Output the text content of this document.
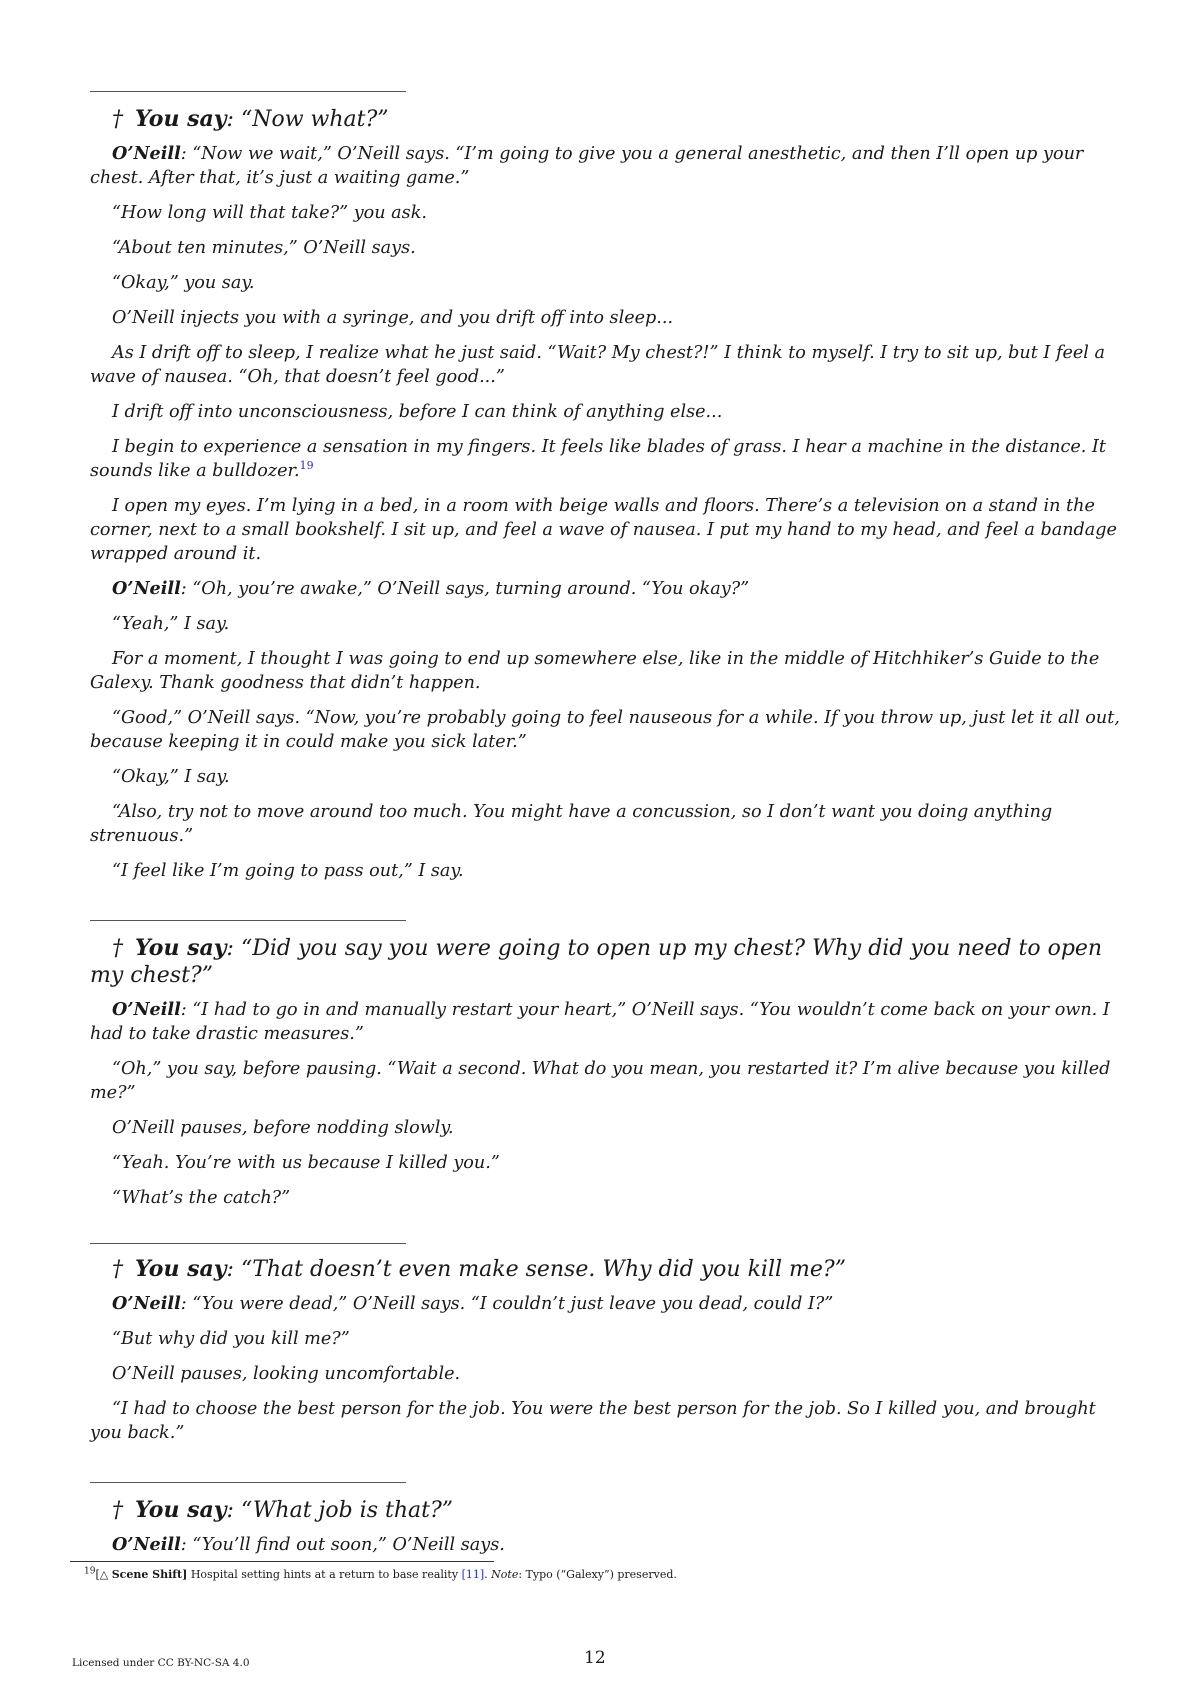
† You say: “Now what?”

O’Neill: “Now we wait,” O’Neill says. “I’m going to give you a general anesthetic, and then I’ll open up your chest. After that, it’s just a waiting game.”

“How long will that take?” you ask.

“About ten minutes,” O’Neill says.

“Okay,” you say.

O’Neill injects you with a syringe, and you drift off into sleep...

As I drift off to sleep, I realize what he just said. “Wait? My chest?!” I think to myself. I try to sit up, but I feel a wave of nausea. “Oh, that doesn’t feel good...”

I drift off into unconsciousness, before I can think of anything else...

I begin to experience a sensation in my fingers. It feels like blades of grass. I hear a machine in the distance. It sounds like a bulldozer.$^{19}$

I open my eyes. I’m lying in a bed, in a room with beige walls and floors. There’s a television on a stand in the corner, next to a small bookshelf. I sit up, and feel a wave of nausea. I put my hand to my head, and feel a bandage wrapped around it.

O’Neill: “Oh, you’re awake,” O’Neill says, turning around. “You okay?”

“Yeah,” I say.

For a moment, I thought I was going to end up somewhere else, like in the middle of Hitchhiker’s Guide to the Galexy. Thank goodness that didn’t happen.

“Good,” O’Neill says. “Now, you’re probably going to feel nauseous for a while. If you throw up, just let it all out, because keeping it in could make you sick later.”

“Okay,” I say.

“Also, try not to move around too much. You might have a concussion, so I don’t want you doing anything strenuous.”

“I feel like I’m going to pass out,” I say.

† You say: “Did you say you were going to open up my chest? Why did you need to open my chest?”

O’Neill: “I had to go in and manually restart your heart,” O’Neill says. “You wouldn’t come back on your own. I had to take drastic measures.”

“Oh,” you say, before pausing. “Wait a second. What do you mean, you restarted it? I’m alive because you killed me?”

O’Neill pauses, before nodding slowly.

“Yeah. You’re with us because I killed you.”

“What’s the catch?”

† You say: “That doesn’t even make sense. Why did you kill me?”

O’Neill: “You were dead,” O’Neill says. “I couldn’t just leave you dead, could I?”

“But why did you kill me?”

O’Neill pauses, looking uncomfortable.

“I had to choose the best person for the job. You were the best person for the job. So I killed you, and brought you back.”

† You say: “What job is that?”

O’Neill: “You’ll find out soon,” O’Neill says.

$^{19}$[△ Scene Shift] Hospital setting hints at a return to base reality [11]. Note: Typo (“Galexy”) preserved.
Licensed under CC BY-NC-SA 4.0	12
